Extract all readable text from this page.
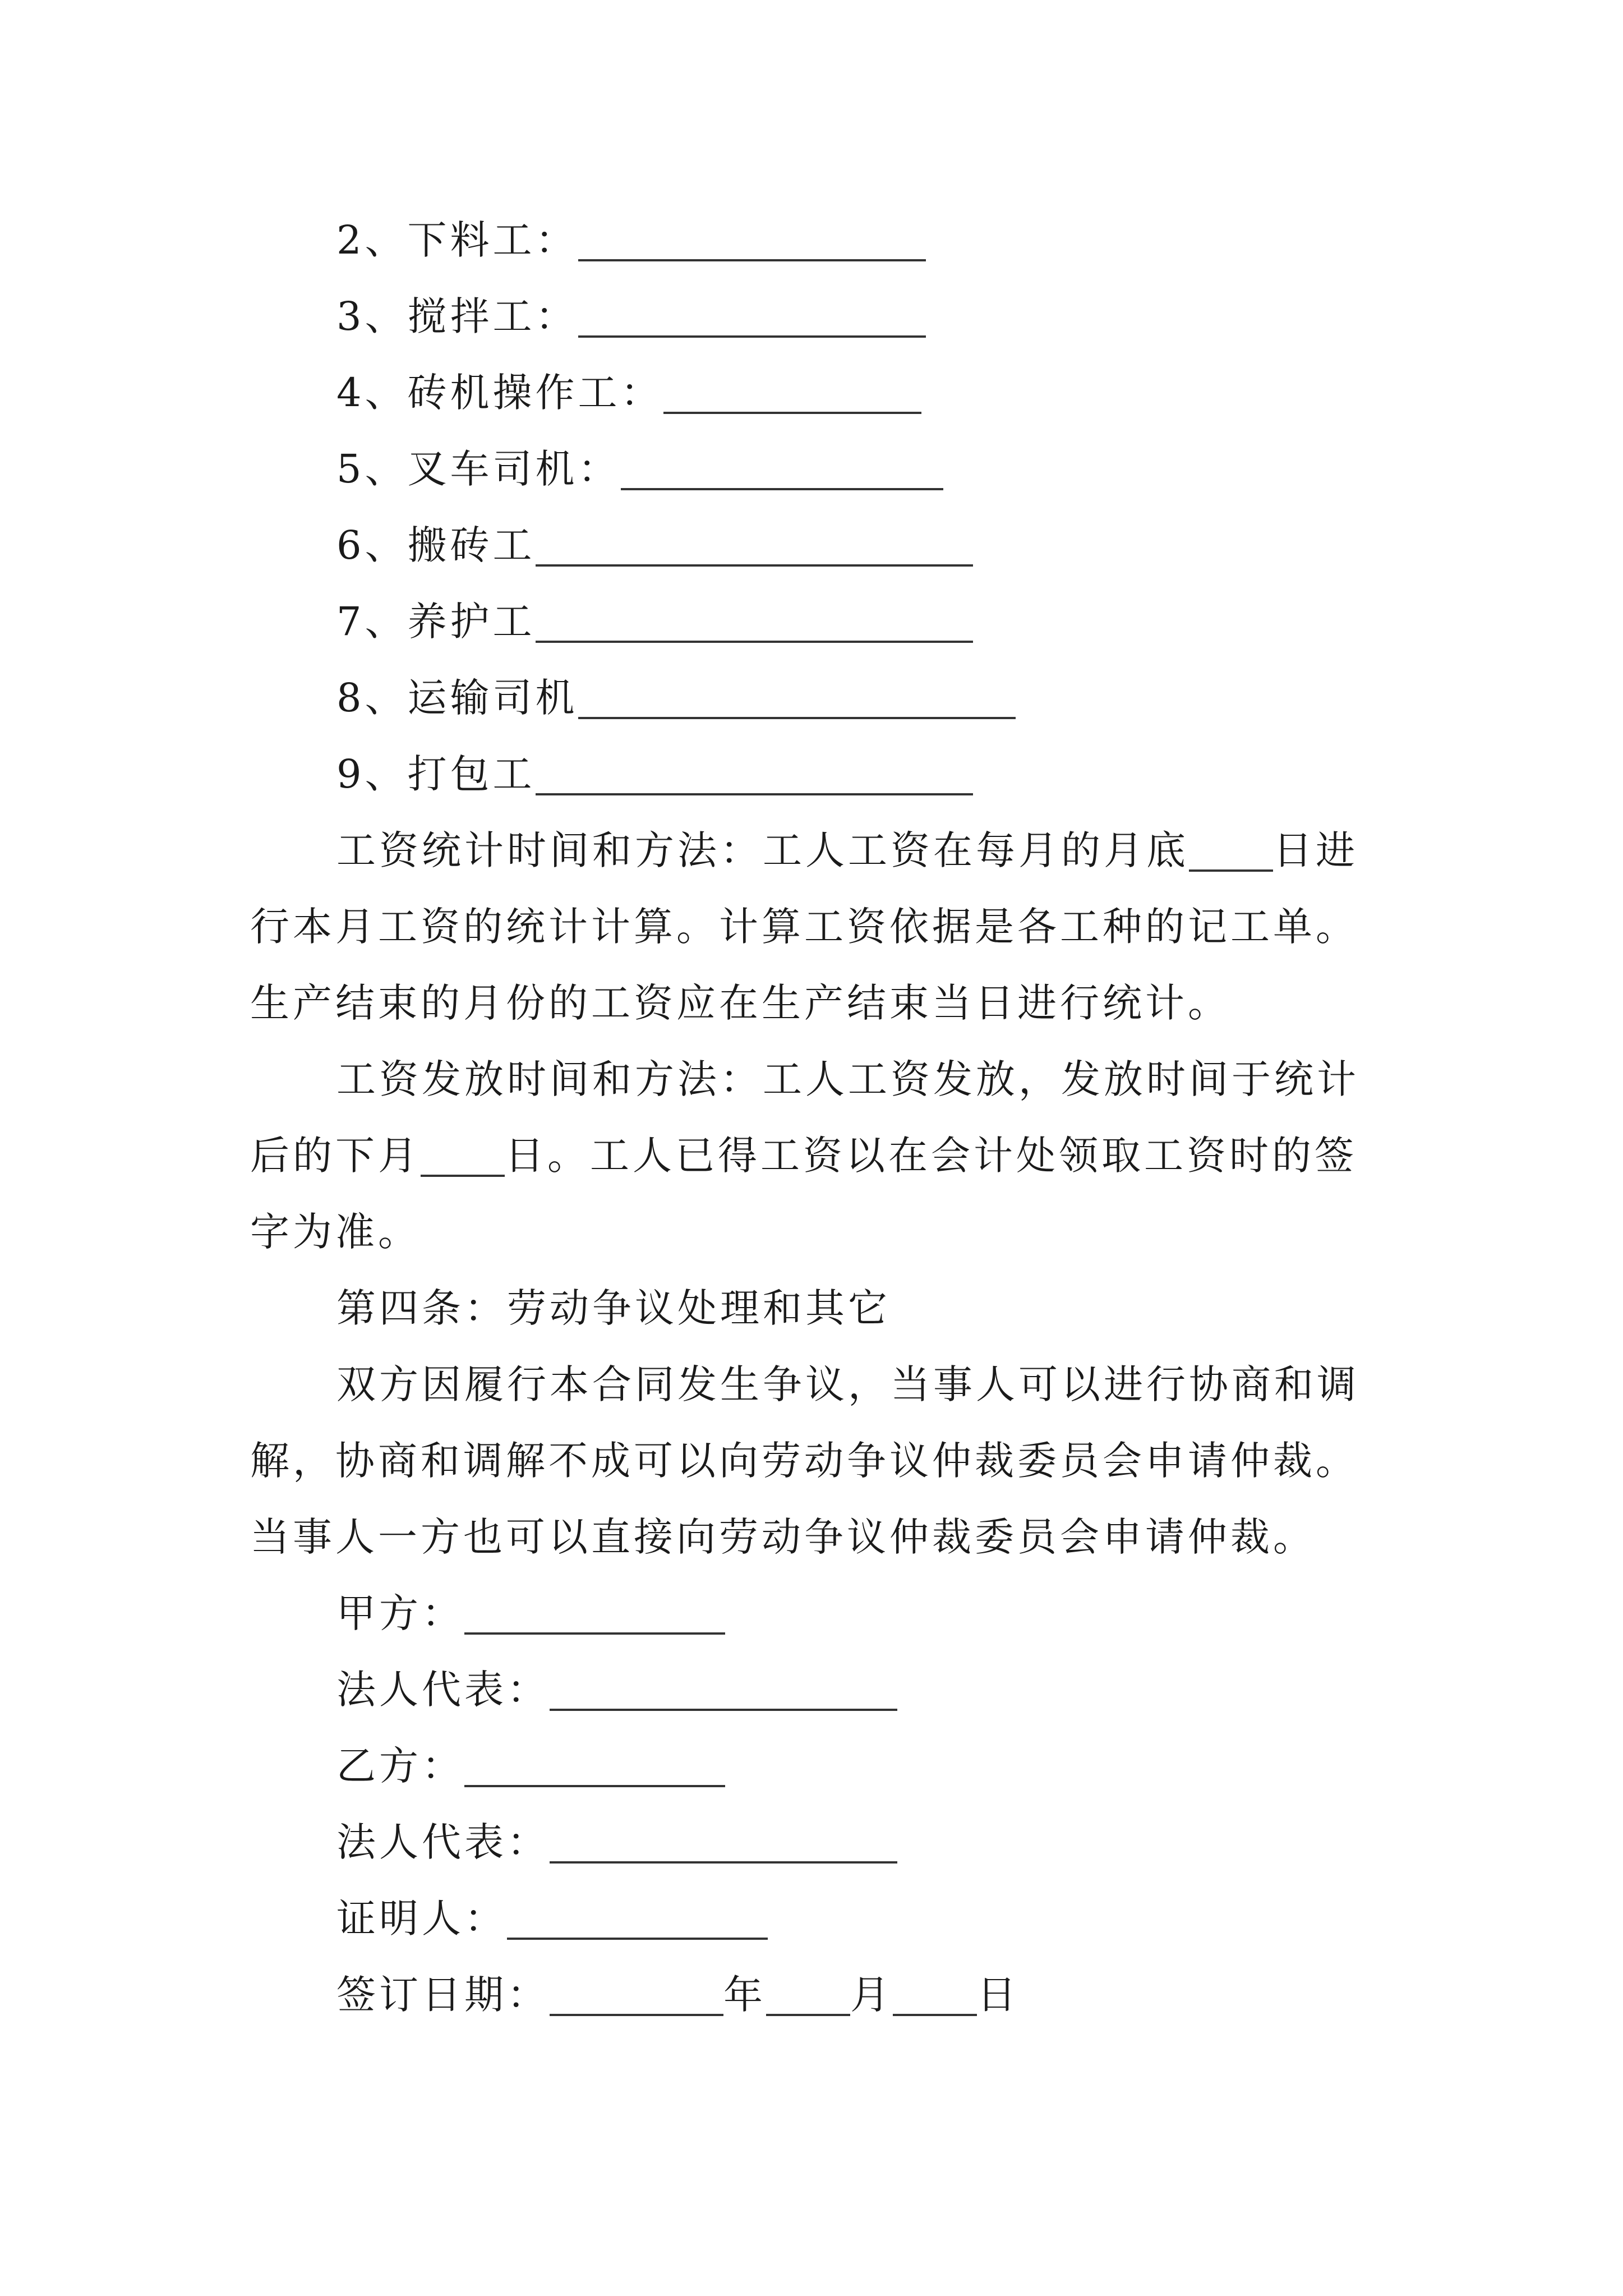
2、下料工：
3、搅拌工：
4、砖机操作工：
5、叉车司机：
6、搬砖工
7、养护工
8、运输司机
9、打包工
工资统计时间和方法：工人工资在每月的月底 日进
行本月工资的统计计算。计算工资依据是各工种的记工单。
生产结束的月份的工资应在生产结束当日进行统计。
工资发放时间和方法：工人工资发放，发放时间于统计
后的下月 日。工人已得工资以在会计处领取工资时的签
字为准。
第四条：劳动争议处理和其它
双方因履行本合同发生争议，当事人可以进行协商和调
解，协商和调解不成可以向劳动争议仲裁委员会申请仲裁。
当事人一方也可以直接向劳动争议仲裁委员会申请仲裁。
甲方：
法人代表：
乙方：
法人代表：
证明人：
签订日期：	年 月 日
